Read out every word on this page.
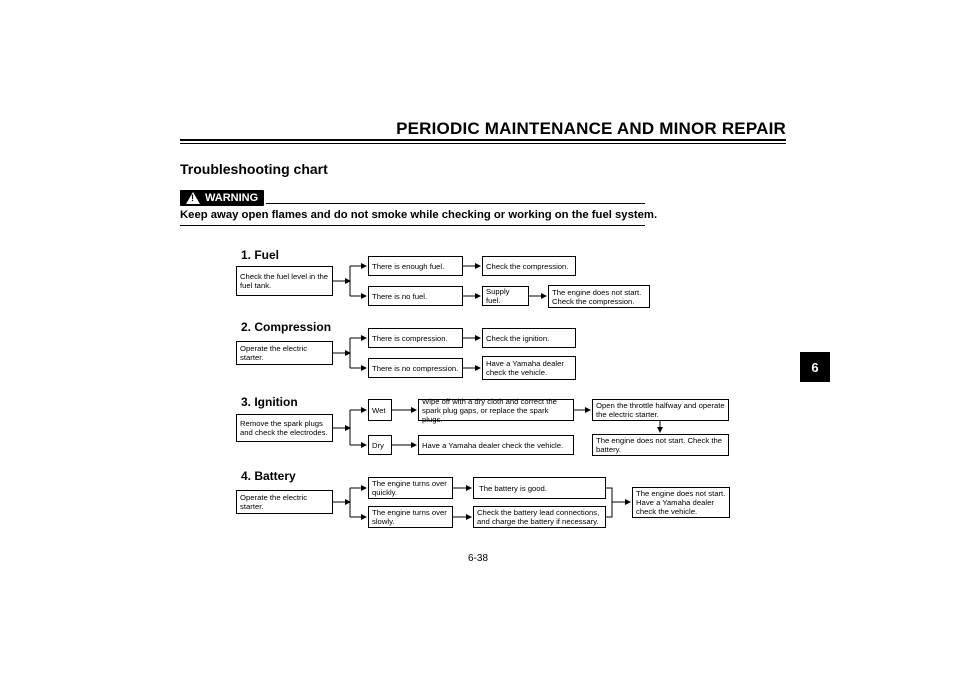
PERIODIC MAINTENANCE AND MINOR REPAIR
Troubleshooting chart
! WARNING
Keep away open flames and do not smoke while checking or working on the fuel system.
1. Fuel
Check the fuel level in the fuel tank.
There is enough fuel.	Check the compression.
There is no fuel.	Supply fuel.
The engine does not start. Check the compression.
2. Compression
Operate the electric starter.
There is compression.	Check the ignition.
There is no compression.	Have a Yamaha dealer check the vehicle.
3. Ignition
Remove the spark plugs and check the electrodes.
Wet
Wipe off with a dry cloth and correct the spark plug gaps, or replace the spark plugs.
Open the throttle halfway and operate the electric starter.
The engine does not start. Check the battery.
Dry	Have a Yamaha dealer check the vehicle.
4. Battery
Operate the electric starter.
The engine turns over quickly.	The battery is good.
The engine turns over slowly.
Check the battery lead connections, and charge the battery if necessary.
The engine does not start. Have a Yamaha dealer check the vehicle.
6
6-38
